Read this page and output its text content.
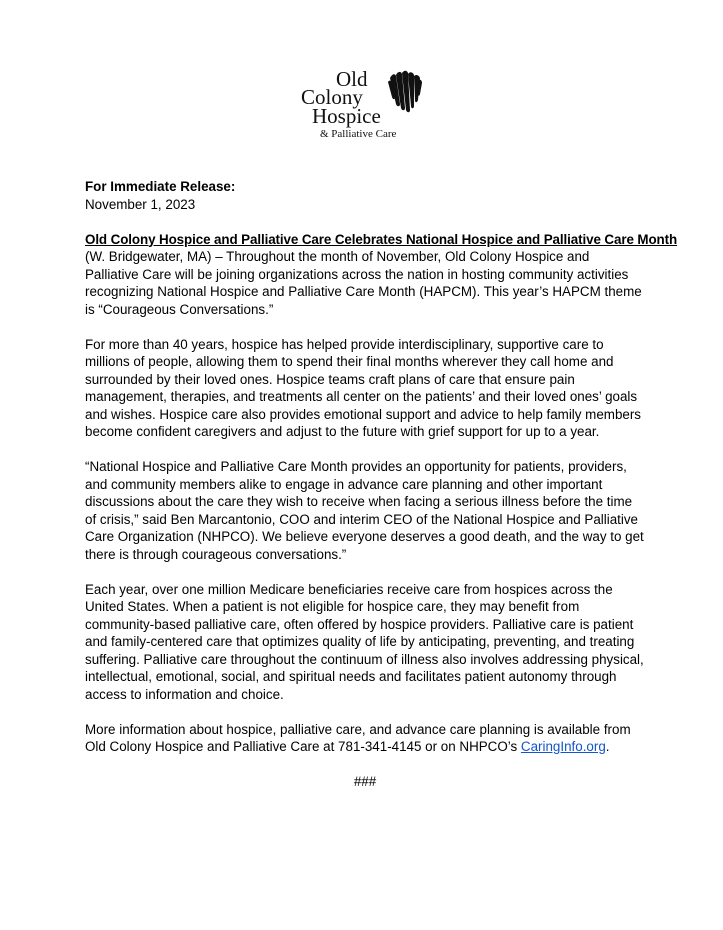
Old
Colony
Hospice
& Palliative Care

For Immediate Release:
November 1, 2023

Old Colony Hospice and Palliative Care Celebrates National Hospice and Palliative Care Month
(W. Bridgewater, MA) – Throughout the month of November, Old Colony Hospice and Palliative Care will be joining organizations across the nation in hosting community activities recognizing National Hospice and Palliative Care Month (HAPCM). This year’s HAPCM theme is “Courageous Conversations.”

For more than 40 years, hospice has helped provide interdisciplinary, supportive care to millions of people, allowing them to spend their final months wherever they call home and surrounded by their loved ones. Hospice teams craft plans of care that ensure pain management, therapies, and treatments all center on the patients’ and their loved ones’ goals and wishes. Hospice care also provides emotional support and advice to help family members become confident caregivers and adjust to the future with grief support for up to a year.

“National Hospice and Palliative Care Month provides an opportunity for patients, providers, and community members alike to engage in advance care planning and other important discussions about the care they wish to receive when facing a serious illness before the time of crisis,” said Ben Marcantonio, COO and interim CEO of the National Hospice and Palliative Care Organization (NHPCO). We believe everyone deserves a good death, and the way to get there is through courageous conversations.”

Each year, over one million Medicare beneficiaries receive care from hospices across the United States. When a patient is not eligible for hospice care, they may benefit from community-based palliative care, often offered by hospice providers. Palliative care is patient and family-centered care that optimizes quality of life by anticipating, preventing, and treating suffering. Palliative care throughout the continuum of illness also involves addressing physical, intellectual, emotional, social, and spiritual needs and facilitates patient autonomy through access to information and choice.

More information about hospice, palliative care, and advance care planning is available from Old Colony Hospice and Palliative Care at 781-341-4145 or on NHPCO’s CaringInfo.org.

###
